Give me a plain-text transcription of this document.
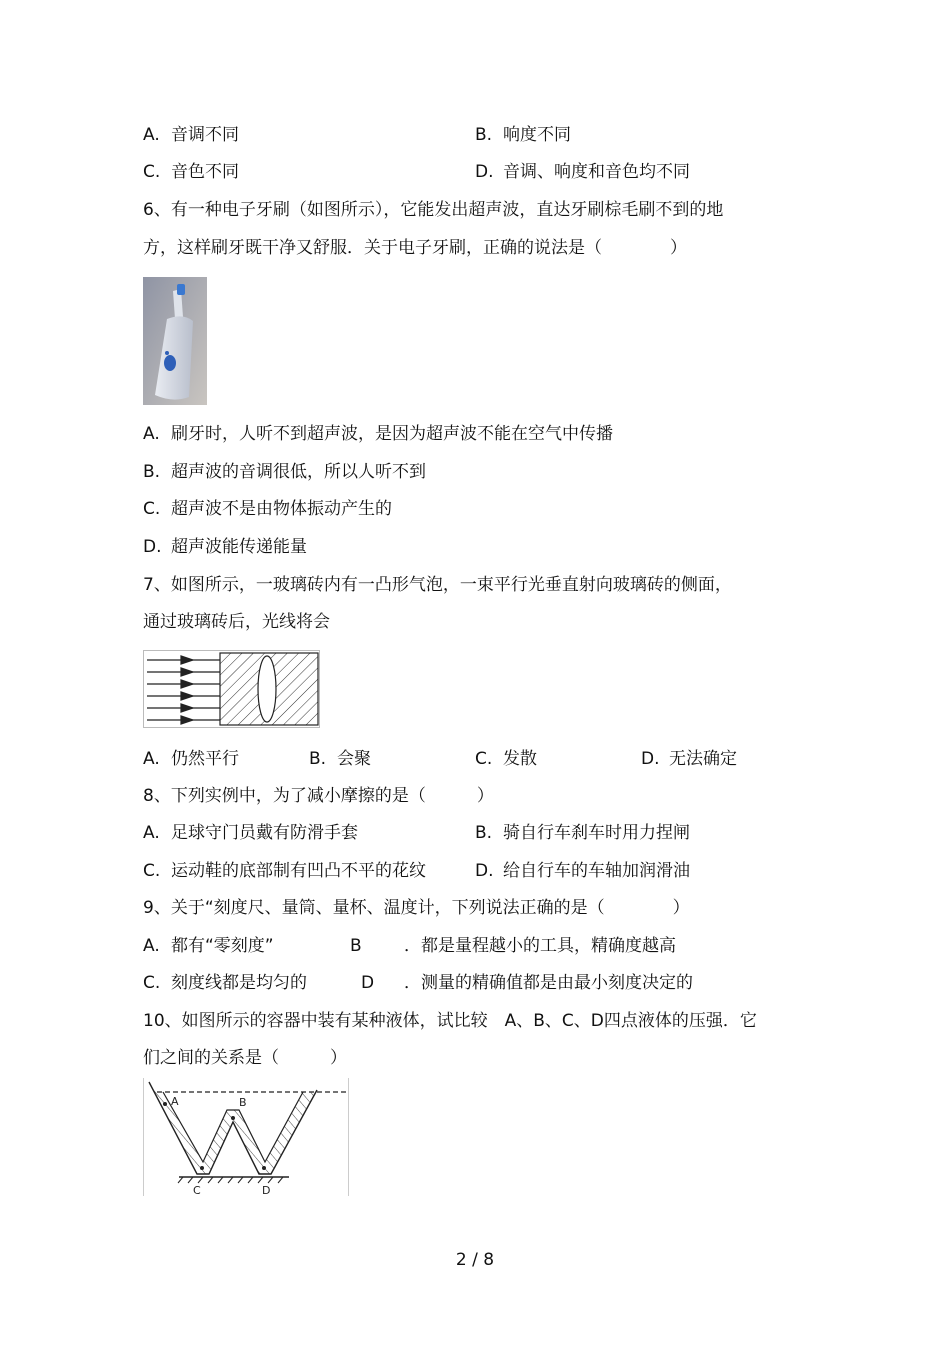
A. 音调不同	B. 响度不同
C. 音色不同	D. 音调、响度和音色均不同
6、有一种电子牙刷（如图所示），它能发出超声波，直达牙刷棕毛刷不到的地
方，这样刷牙既干净又舒服．关于电子牙刷，正确的说法是（　　　　）
A. 刷牙时，人听不到超声波，是因为超声波不能在空气中传播
B. 超声波的音调很低，所以人听不到
C. 超声波不是由物体振动产生的
D. 超声波能传递能量
7、如图所示，一玻璃砖内有一凸形气泡，一束平行光垂直射向玻璃砖的侧面，
通过玻璃砖后，光线将会
A. 仍然平行	B. 会聚	C. 发散	D. 无法确定
8、下列实例中，为了减小摩擦的是（　　　）
A. 足球守门员戴有防滑手套	B. 骑自行车刹车时用力捏闸
C. 运动鞋的底部制有凹凸不平的花纹	D. 给自行车的车轴加润滑油
9、关于“刻度尺、量筒、量杯、温度计，下列说法正确的是（　　　　）
A. 都有“零刻度”	B ．都是量程越小的工具，精确度越高
C. 刻度线都是均匀的	D ．测量的精确值都是由最小刻度决定的
10、如图所示的容器中装有某种液体，试比较　A、B、C、D四点液体的压强．它
们之间的关系是（　　　）
A	B
C	D
2 / 8
